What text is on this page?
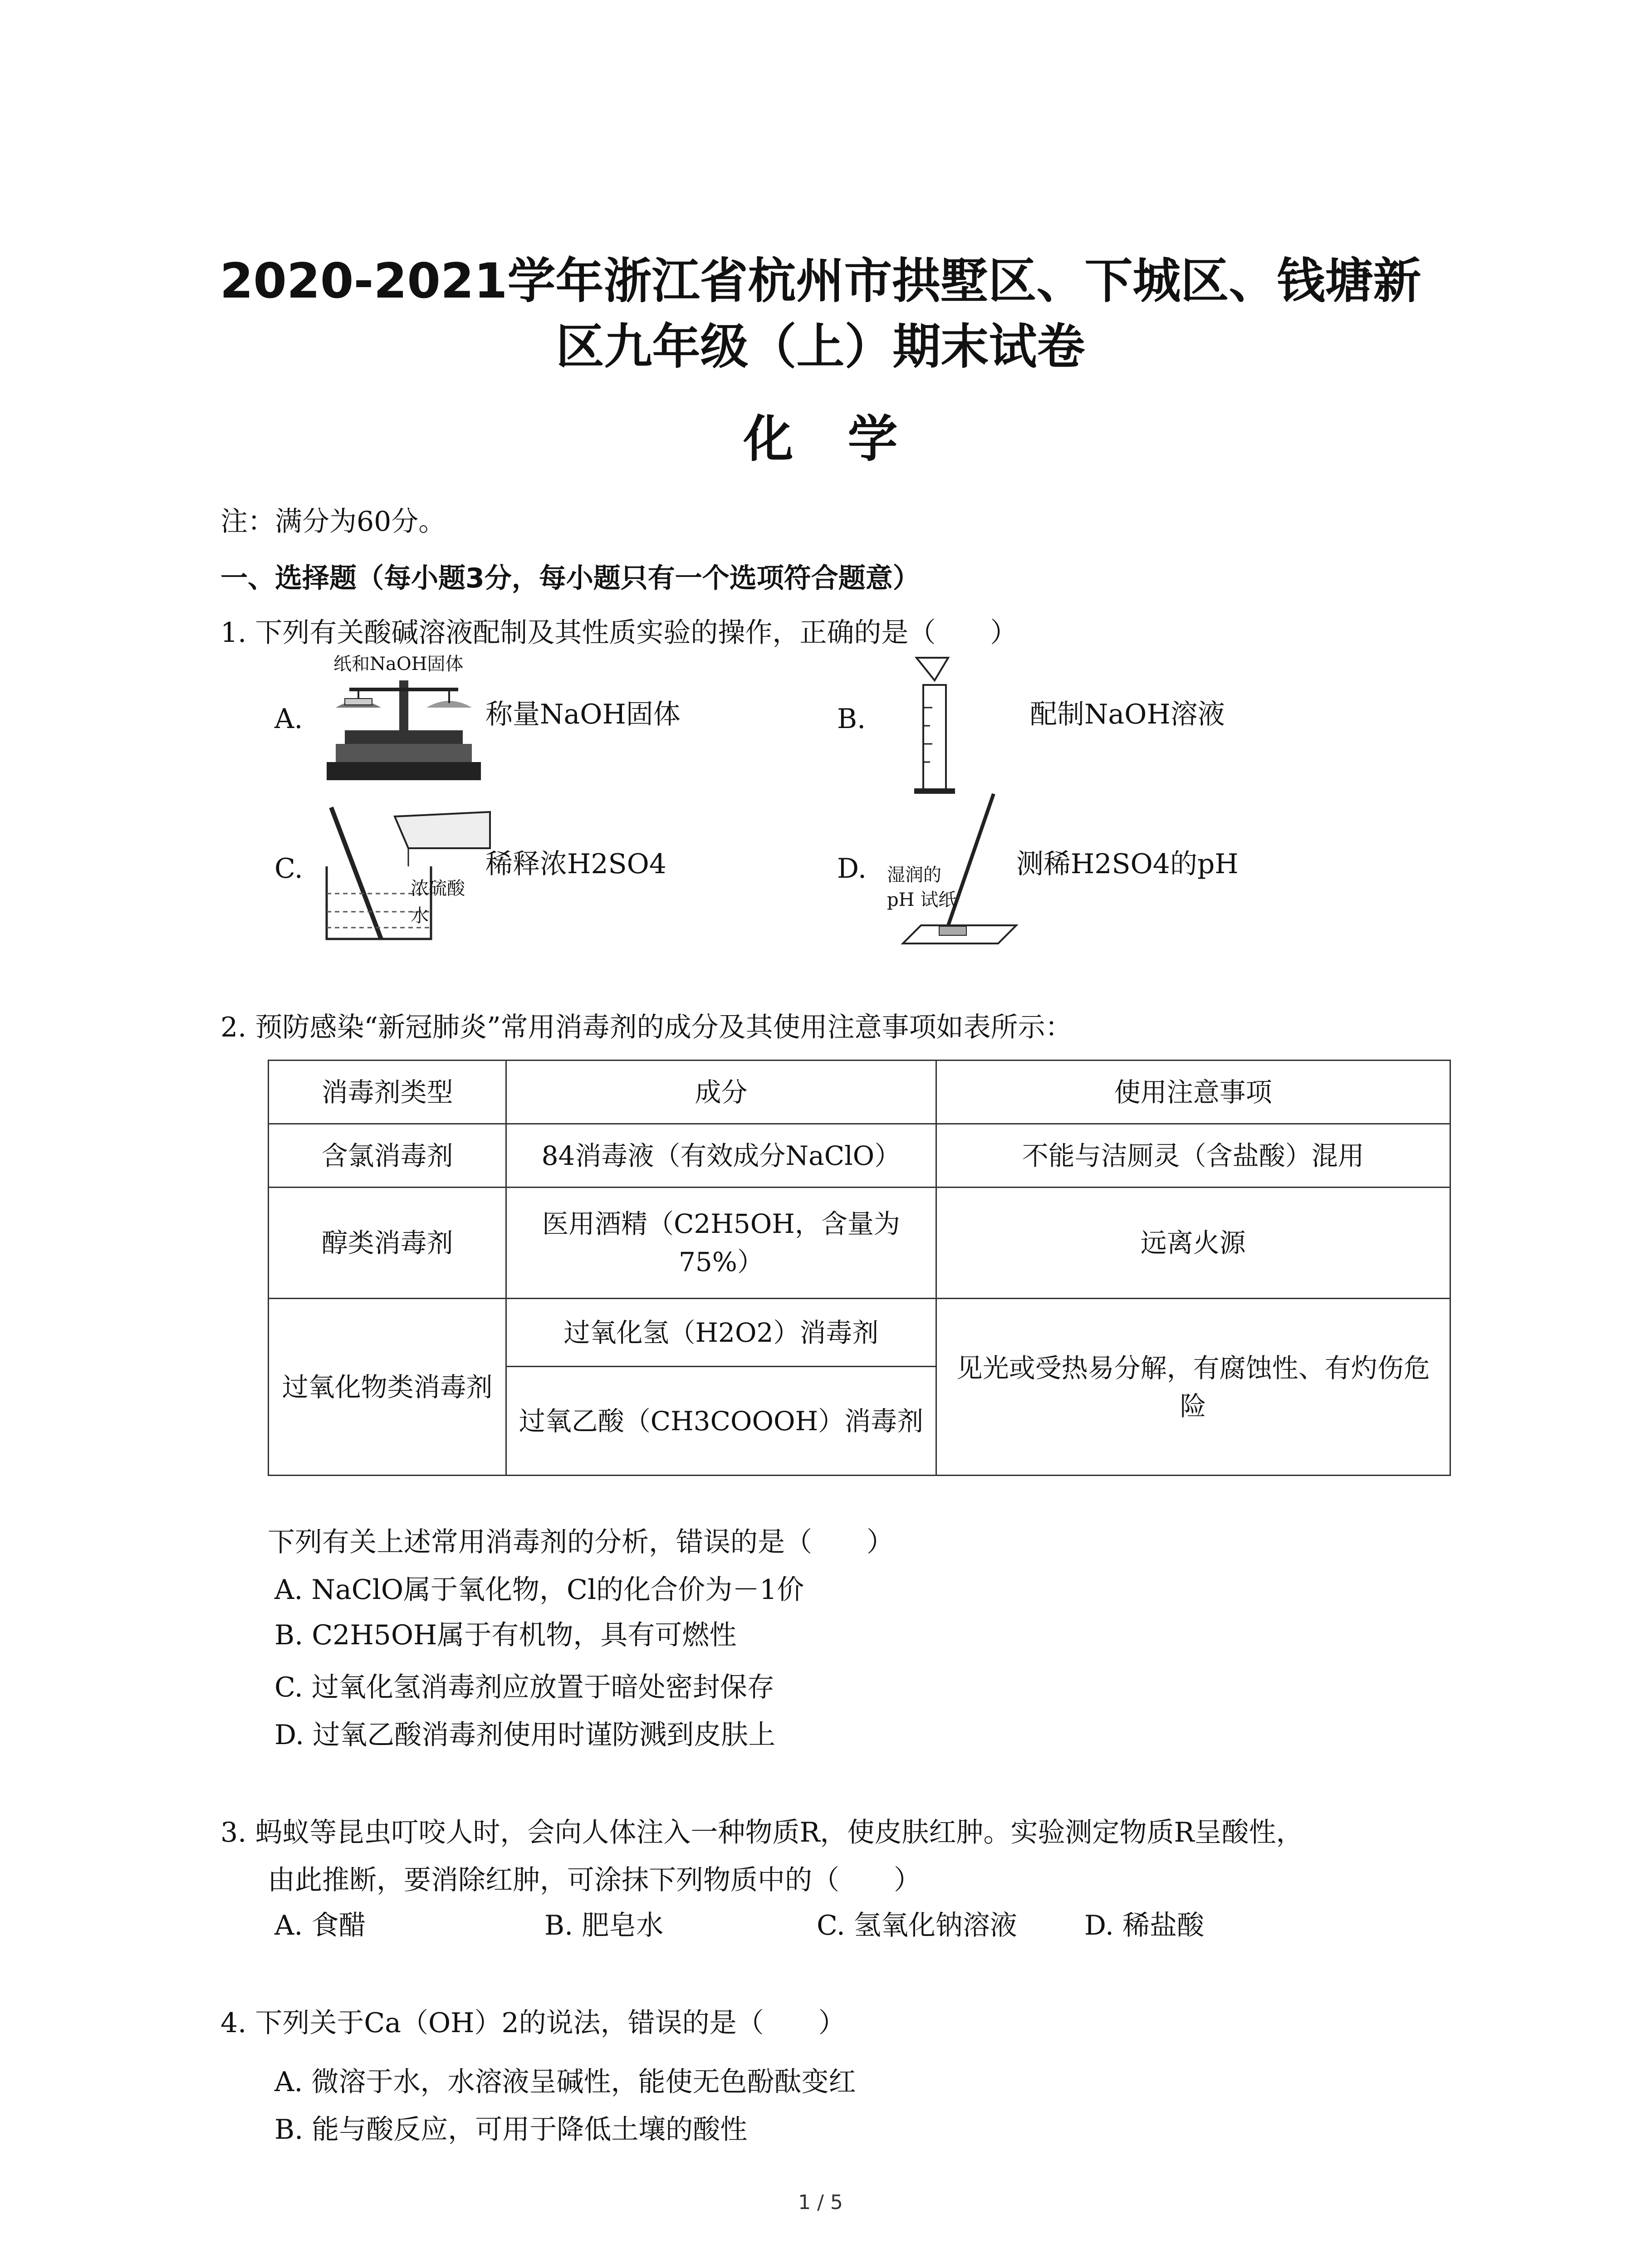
2020-2021学年浙江省杭州市拱墅区、下城区、钱塘新
区九年级（上）期末试卷
化学
注：满分为60分。
一、选择题（每小题3分，每小题只有一个选项符合题意）
1. 下列有关酸碱溶液配制及其性质实验的操作，正确的是（　　）
A.
纸和NaOH固体
称量NaOH固体	B.	配制NaOH溶液
C.
浓硫酸
水
稀释浓H2SO4	D. 湿润的
pH 试纸
测稀H2SO4的pH
2. 预防感染“新冠肺炎”常用消毒剂的成分及其使用注意事项如表所示：
消毒剂类型	成分	使用注意事项
含氯消毒剂	84消毒液（有效成分NaClO）	不能与洁厕灵（含盐酸）混用
醇类消毒剂	医用酒精（C2H5OH，含量为75%）	远离火源
过氧化物类消毒剂	过氧化氢（H2O2）消毒剂	见光或受热易分解，有腐蚀性、有灼伤危险
	过氧乙酸（CH3COOOH）消毒剂	
下列有关上述常用消毒剂的分析，错误的是（　　）
A. NaClO属于氧化物，Cl的化合价为－1价
B. C2H5OH属于有机物，具有可燃性
C. 过氧化氢消毒剂应放置于暗处密封保存
D. 过氧乙酸消毒剂使用时谨防溅到皮肤上
3. 蚂蚁等昆虫叮咬人时，会向人体注入一种物质R，使皮肤红肿。实验测定物质R呈酸性，
由此推断，要消除红肿，可涂抹下列物质中的（　　）
A. 食醋	B. 肥皂水	C. 氢氧化钠溶液 D. 稀盐酸
4. 下列关于Ca（OH）2的说法，错误的是（　　）
A. 微溶于水，水溶液呈碱性，能使无色酚酞变红
B. 能与酸反应，可用于降低土壤的酸性
1 / 5
